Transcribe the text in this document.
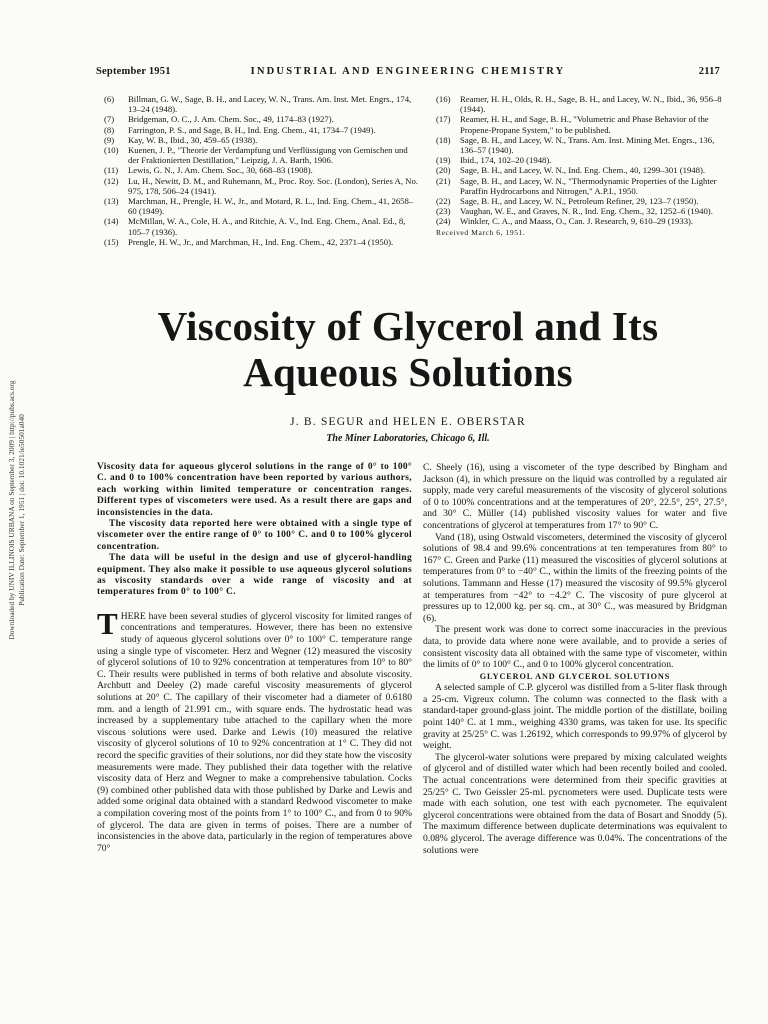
Downloaded by UNIV ILLINOIS URBANA on September 3, 2009 | http://pubs.acs.org Publication Date: September 1, 1951 | doi: 10.1021/ie50501a040
September 1951	INDUSTRIAL AND ENGINEERING CHEMISTRY	2117
(6) Billman, G. W., Sage, B. H., and Lacey, W. N., Trans. Am. Inst. Met. Engrs., 174, 13–24 (1948).
(7) Bridgeman, O. C., J. Am. Chem. Soc., 49, 1174–83 (1927).
(8) Farrington, P. S., and Sage, B. H., Ind. Eng. Chem., 41, 1734–7 (1949).
(9) Kay, W. B., Ibid., 30, 459–65 (1938).
(10) Kuenen, J. P., "Theorie der Verdampfung und Verflüssigung von Gemischen und der Fraktionierten Destillation," Leipzig, J. A. Barth, 1906.
(11) Lewis, G. N., J. Am. Chem. Soc., 30, 668–83 (1908).
(12) Lu, H., Newitt, D. M., and Ruhemann, M., Proc. Roy. Soc. (London), Series A, No. 975, 178, 506–24 (1941).
(13) Marchman, H., Prengle, H. W., Jr., and Motard, R. L., Ind. Eng. Chem., 41, 2658–60 (1949).
(14) McMillan, W. A., Cole, H. A., and Ritchie, A. V., Ind. Eng. Chem., Anal. Ed., 8, 105–7 (1936).
(15) Prengle, H. W., Jr., and Marchman, H., Ind. Eng. Chem., 42, 2371–4 (1950).
(16) Reamer, H. H., Olds, R. H., Sage, B. H., and Lacey, W. N., Ibid., 36, 956–8 (1944).
(17) Reamer, H. H., and Sage, B. H., "Volumetric and Phase Behavior of the Propene-Propane System," to be published.
(18) Sage, B. H., and Lacey, W. N., Trans. Am. Inst. Mining Met. Engrs., 136, 136–57 (1940).
(19) Ibid., 174, 102–20 (1948).
(20) Sage, B. H., and Lacey, W. N., Ind. Eng. Chem., 40, 1299–301 (1948).
(21) Sage, B. H., and Lacey, W. N., "Thermodynamic Properties of the Lighter Paraffin Hydrocarbons and Nitrogen," A.P.I., 1950.
(22) Sage, B. H., and Lacey, W. N., Petroleum Refiner, 29, 123–7 (1950).
(23) Vaughan, W. E., and Graves, N. R., Ind. Eng. Chem., 32, 1252–6 (1940).
(24) Winkler, C. A., and Maass, O., Can. J. Research, 9, 610–29 (1933).
Received March 6, 1951.
Viscosity of Glycerol and Its
Aqueous Solutions
J. B. SEGUR and HELEN E. OBERSTAR
The Miner Laboratories, Chicago 6, Ill.

Viscosity data for aqueous glycerol solutions in the range of 0° to 100° C. and 0 to 100% concentration have been reported by various authors, each working within limited temperature or concentration ranges. Different types of viscometers were used. As a result there are gaps and inconsistencies in the data.

The viscosity data reported here were obtained with a single type of viscometer over the entire range of 0° to 100° C. and 0 to 100% glycerol concentration.

The data will be useful in the design and use of glycerol-handling equipment. They also make it possible to use aqueous glycerol solutions as viscosity standards over a wide range of viscosity and at temperatures from 0° to 100° C.

THERE have been several studies of glycerol viscosity for limited ranges of concentrations and temperatures. However, there has been no extensive study of aqueous glycerol solutions over 0° to 100° C. temperature range using a single type of viscometer. Herz and Wegner (12) measured the viscosity of glycerol solutions of 10 to 92% concentration at temperatures from 10° to 80° C. Their results were published in terms of both relative and absolute viscosity. Archbutt and Deeley (2) made careful viscosity measurements of glycerol solutions at 20° C. The capillary of their viscometer had a diameter of 0.6180 mm. and a length of 21.991 cm., with square ends. The hydrostatic head was increased by a supplementary tube attached to the capillary when the more viscous solutions were used. Darke and Lewis (10) measured the relative viscosity of glycerol solutions of 10 to 92% concentration at 1° C. They did not record the specific gravities of their solutions, nor did they state how the viscosity measurements were made. They published their data together with the relative viscosity data of Herz and Wegner to make a comprehensive tabulation. Cocks (9) combined other published data with those published by Darke and Lewis and added some original data obtained with a standard Redwood viscometer to make a compilation covering most of the points from 1° to 100° C., and from 0 to 90% of glycerol. The data are given in terms of poises. There are a number of inconsistencies in the above data, particularly in the region of temperatures above 70°

C. Sheely (16), using a viscometer of the type described by Bingham and Jackson (4), in which pressure on the liquid was controlled by a regulated air supply, made very careful measurements of the viscosity of glycerol solutions of 0 to 100% concentrations and at the temperatures of 20°, 22.5°, 25°, 27.5°, and 30° C. Müller (14) published viscosity values for water and five concentrations of glycerol at temperatures from 17° to 90° C.

Vand (18), using Ostwald viscometers, determined the viscosity of glycerol solutions of 98.4 and 99.6% concentrations at ten temperatures from 80° to 167° C. Green and Parke (11) measured the viscosities of glycerol solutions at temperatures from 0° to −40° C., within the limits of the freezing points of the solutions. Tammann and Hesse (17) measured the viscosity of 99.5% glycerol at temperatures from −42° to −4.2° C. The viscosity of pure glycerol at pressures up to 12,000 kg. per sq. cm., at 30° C., was measured by Bridgman (6).

The present work was done to correct some inaccuracies in the previous data, to provide data where none were available, and to provide a series of consistent viscosity data all obtained with the same type of viscometer, within the limits of 0° to 100° C., and 0 to 100% glycerol concentration.

GLYCEROL AND GLYCEROL SOLUTIONS

A selected sample of C.P. glycerol was distilled from a 5-liter flask through a 25-cm. Vigreux column. The column was connected to the flask with a standard-taper ground-glass joint. The middle portion of the distillate, boiling point 140° C. at 1 mm., weighing 4330 grams, was taken for use. Its specific gravity at 25/25° C. was 1.26192, which corresponds to 99.97% of glycerol by weight.

The glycerol-water solutions were prepared by mixing calculated weights of glycerol and of distilled water which had been recently boiled and cooled. The actual concentrations were determined from their specific gravities at 25/25° C. Two Geissler 25-ml. pycnometers were used. Duplicate tests were made with each solution, one test with each pycnometer. The equivalent glycerol concentrations were obtained from the data of Bosart and Snoddy (5). The maximum difference between duplicate determinations was equivalent to 0.08% glycerol. The average difference was 0.04%. The concentrations of the solutions were
